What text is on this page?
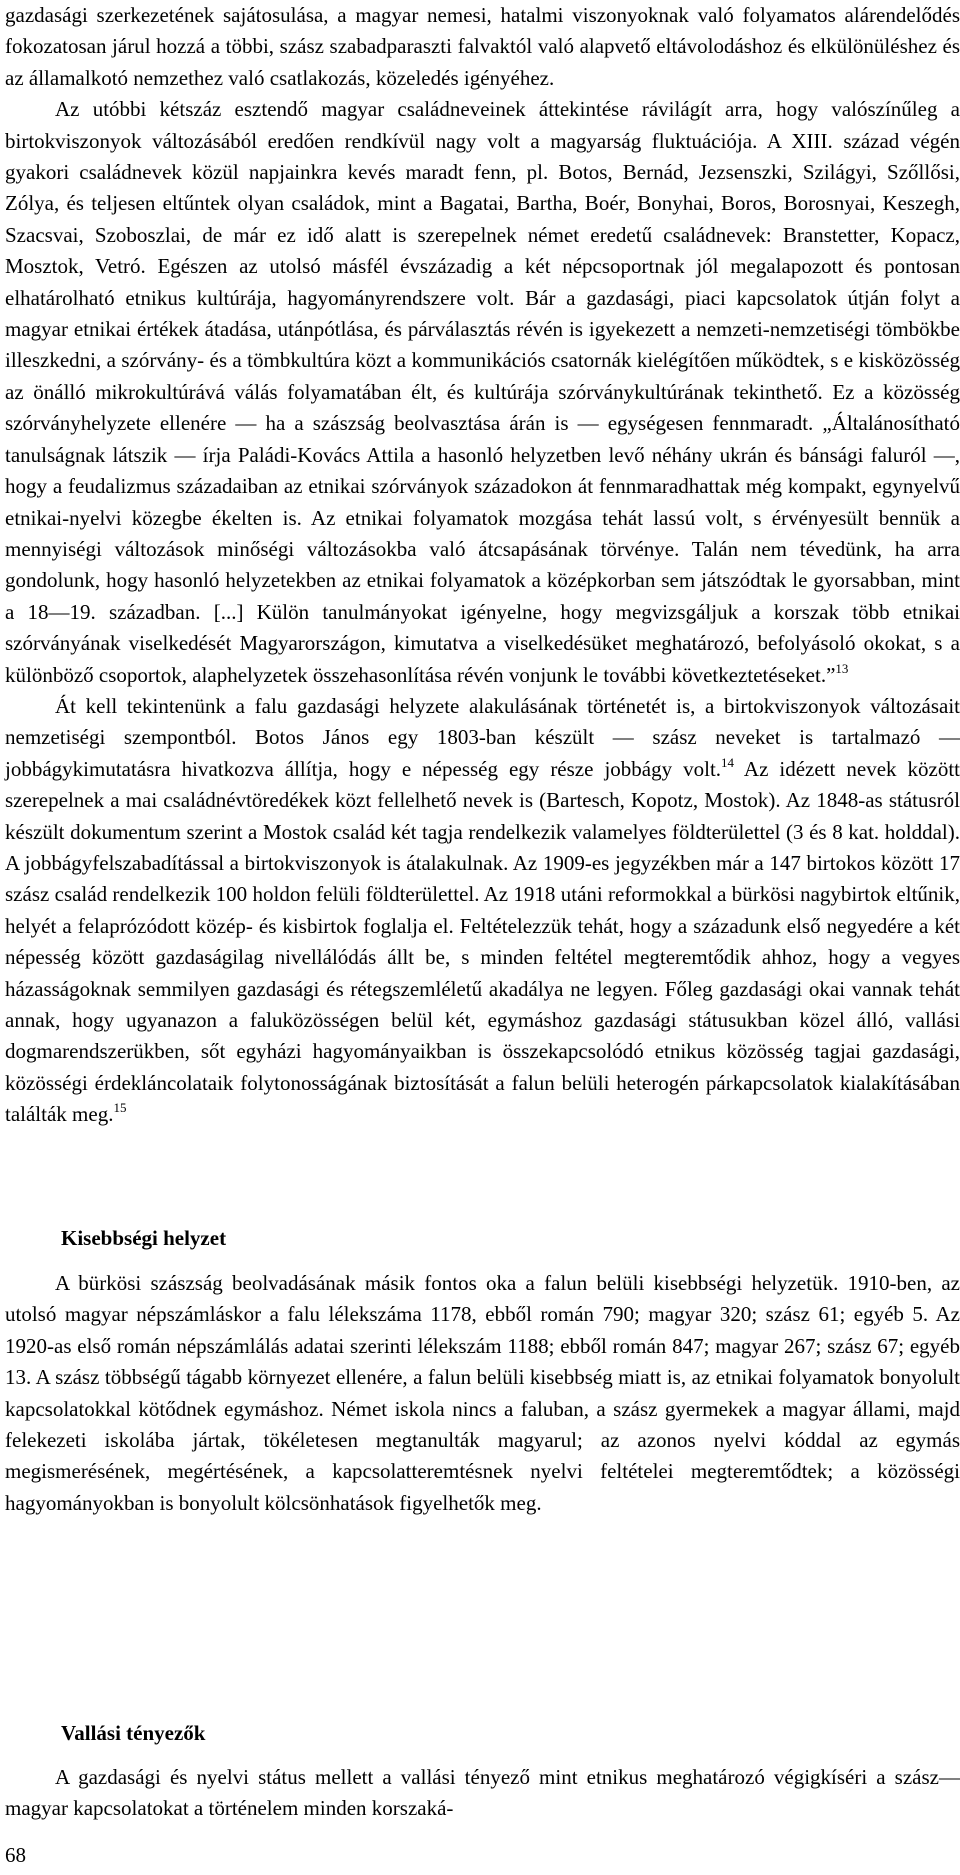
gazdasági szerkezetének sajátosulása, a magyar nemesi, hatalmi viszonyoknak való folyamatos alárendelődés fokozatosan járul hozzá a többi, szász szabadparaszti falvaktól való alapvető eltávolodáshoz és elkülönüléshez és az államalkotó nemzethez való csatlakozás, közeledés igényéhez.

Az utóbbi kétszáz esztendő magyar családneveinek áttekintése rávilágít arra, hogy valószínűleg a birtokviszonyok változásából eredően rendkívül nagy volt a magyarság fluktuációja. A XIII. század végén gyakori családnevek közül napjainkra kevés maradt fenn, pl. Botos, Bernád, Jezsenszki, Szilágyi, Szőllősi, Zólya, és teljesen eltűntek olyan családok, mint a Bagatai, Bartha, Boér, Bonyhai, Boros, Borosnyai, Keszegh, Szacsvai, Szoboszlai, de már ez idő alatt is szerepelnek német eredetű családnevek: Branstetter, Kopacz, Mosztok, Vetró. Egészen az utolsó másfél évszázadig a két népcsoportnak jól megalapozott és pontosan elhatárolható etnikus kultúrája, hagyományrendszere volt. Bár a gazdasági, piaci kapcsolatok útján folyt a magyar etnikai értékek átadása, utánpótlása, és párválasztás révén is igyekezett a nemzeti-nemzetiségi tömbökbe illeszkedni, a szórvány- és a tömbkultúra közt a kommunikációs csatornák kielégítően működtek, s e kisközösség az önálló mikrokultúrává válás folyamatában élt, és kultúrája szórványkultúrának tekinthető. Ez a közösség szórványhelyzete ellenére — ha a szászság beolvasztása árán is — egységesen fennmaradt. „Általánosítható tanulságnak látszik — írja Paládi-Kovács Attila a hasonló helyzetben levő néhány ukrán és bánsági faluról —, hogy a feudalizmus századaiban az etnikai szórványok századokon át fennmaradhattak még kompakt, egynyelvű etnikai-nyelvi közegbe ékelten is. Az etnikai folyamatok mozgása tehát lassú volt, s érvényesült bennük a mennyiségi változások minőségi változásokba való átcsapásának törvénye. Talán nem tévedünk, ha arra gondolunk, hogy hasonló helyzetekben az etnikai folyamatok a középkorban sem játszódtak le gyorsabban, mint a 18—19. században. [...] Külön tanulmányokat igényelne, hogy megvizsgáljuk a korszak több etnikai szórványának viselkedését Magyarországon, kimutatva a viselkedésüket meghatározó, befolyásoló okokat, s a különböző csoportok, alaphelyzetek összehasonlítása révén vonjunk le további következtetéseket.”$^{13}$

Át kell tekintenünk a falu gazdasági helyzete alakulásának történetét is, a birtokviszonyok változásait nemzetiségi szempontból. Botos János egy 1803-ban készült — szász neveket is tartalmazó — jobbágykimutatásra hivatkozva állítja, hogy e népesség egy része jobbágy volt.$^{14}$ Az idézett nevek között szerepelnek a mai családnévtöredékek közt fellelhető nevek is (Bartesch, Kopotz, Mostok). Az 1848-as státusról készült dokumentum szerint a Mostok család két tagja rendelkezik valamelyes földterülettel (3 és 8 kat. holddal). A jobbágyfelszabadítással a birtokviszonyok is átalakulnak. Az 1909-es jegyzékben már a 147 birtokos között 17 szász család rendelkezik 100 holdon felüli földterülettel. Az 1918 utáni reformokkal a bürkösi nagybirtok eltűnik, helyét a felaprózódott közép- és kisbirtok foglalja el. Feltételezzük tehát, hogy a századunk első negyedére a két népesség között gazdaságilag nivellálódás állt be, s minden feltétel megteremtődik ahhoz, hogy a vegyes házasságoknak semmilyen gazdasági és rétegszemléletű akadálya ne legyen. Főleg gazdasági okai vannak tehát annak, hogy ugyanazon a faluközösségen belül két, egymáshoz gazdasági státusukban közel álló, vallási dogmarendszerükben, sőt egyházi hagyományaikban is összekapcsolódó etnikus közösség tagjai gazdasági, közösségi érdekláncolataik folytonosságának biztosítását a falun belüli heterogén párkapcsolatok kialakításában találták meg.$^{15}$

Kisebbségi helyzet

A bürkösi szászság beolvadásának másik fontos oka a falun belüli kisebbségi helyzetük. 1910-ben, az utolsó magyar népszámláskor a falu lélekszáma 1178, ebből román 790; magyar 320; szász 61; egyéb 5. Az 1920-as első román népszámlálás adatai szerinti lélekszám 1188; ebből román 847; magyar 267; szász 67; egyéb 13. A szász többségű tágabb környezet ellenére, a falun belüli kisebbség miatt is, az etnikai folyamatok bonyolult kapcsolatokkal kötődnek egymáshoz. Német iskola nincs a faluban, a szász gyermekek a magyar állami, majd felekezeti iskolába jártak, tökéletesen megtanulták magyarul; az azonos nyelvi kóddal az egymás megismerésének, megértésének, a kapcsolatteremtésnek nyelvi feltételei megteremtődtek; a közösségi hagyományokban is bonyolult kölcsönhatások figyelhetők meg.

Vallási tényezők

A gazdasági és nyelvi státus mellett a vallási tényező mint etnikus meghatározó végigkíséri a szász—magyar kapcsolatokat a történelem minden korszaká-

68
